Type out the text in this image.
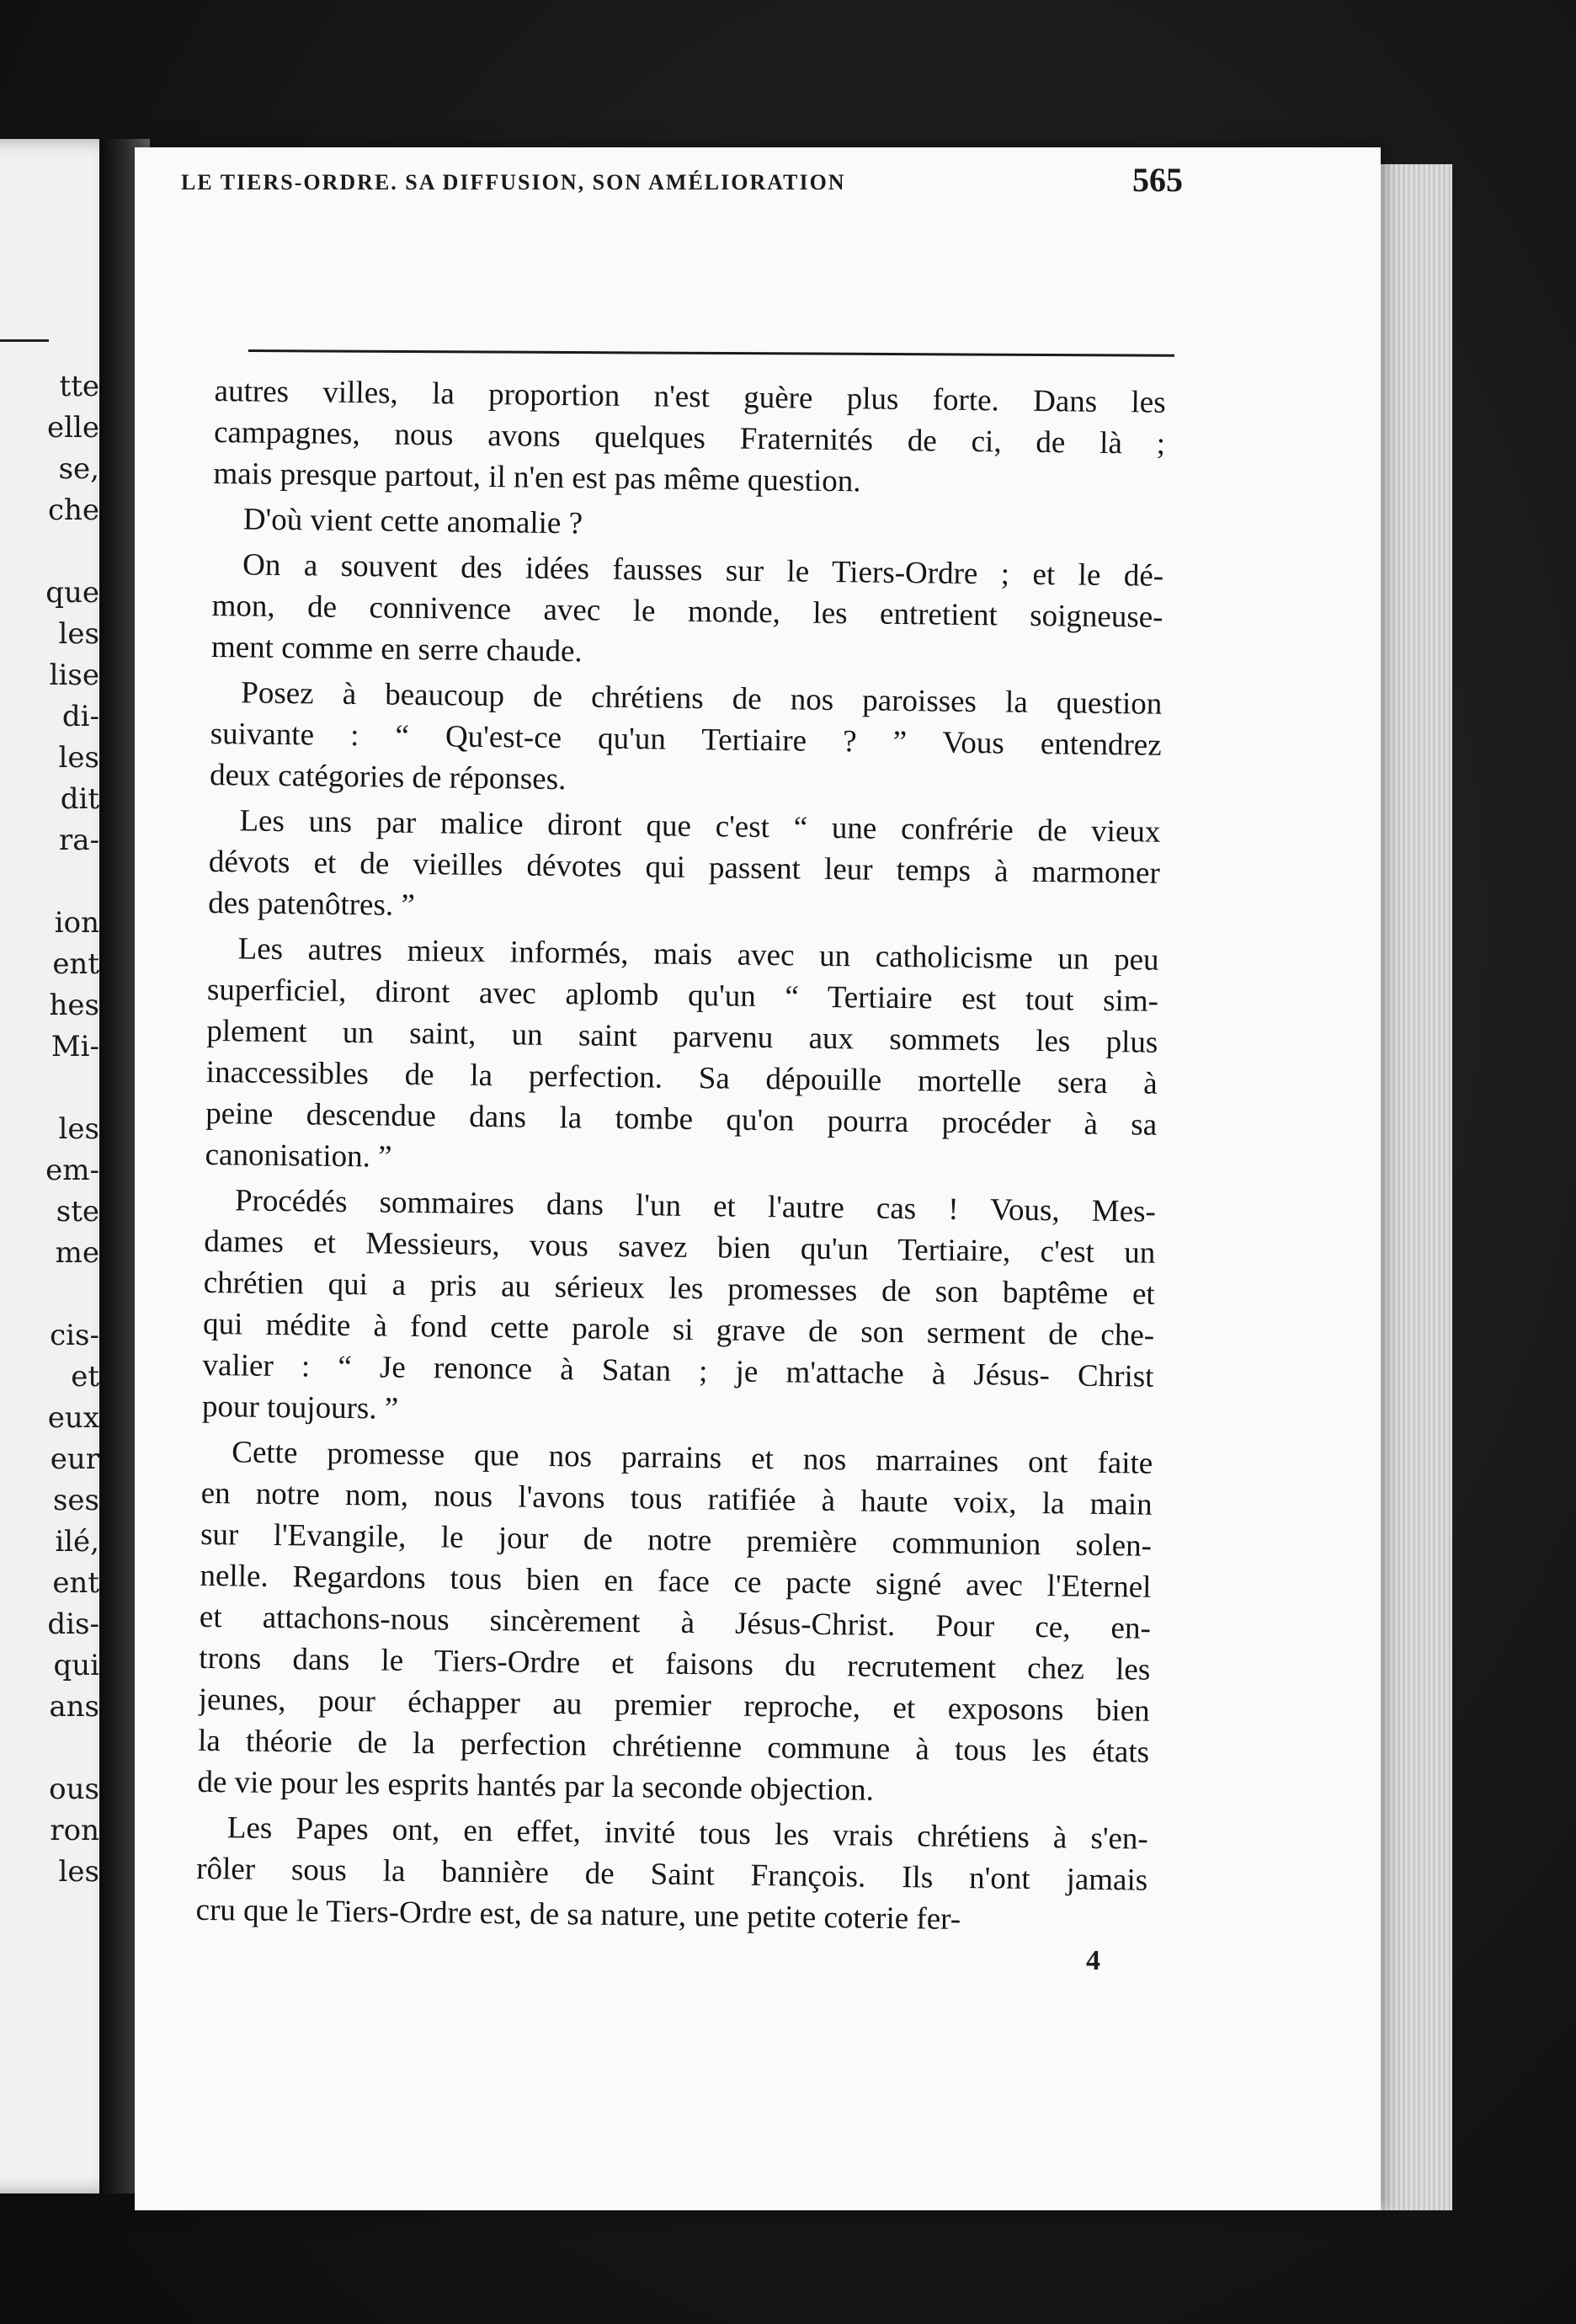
tte
elle
se,
che
que
les
lise
di-
les
dit
ra-
ion
ent
hes
Mi-
les
em-
ste
me
cis-
et
eux
eur
ses
ilé,
ent
dis-
qui
ans
ous
ron
les
LE TIERS-ORDRE. SA DIFFUSION, SON AMÉLIORATION	565
autres villes, la proportion n'est guère plus forte. Dans les
campagnes, nous avons quelques Fraternités de ci, de là ;
mais presque partout, il n'en est pas même question.
D'où vient cette anomalie ?
On a souvent des idées fausses sur le Tiers-Ordre ; et le dé-
mon, de connivence avec le monde, les entretient soigneuse-
ment comme en serre chaude.
Posez à beaucoup de chrétiens de nos paroisses la question
suivante : “ Qu'est-ce qu'un Tertiaire ? ” Vous entendrez
deux catégories de réponses.
Les uns par malice diront que c'est “ une confrérie de vieux
dévots et de vieilles dévotes qui passent leur temps à marmoner
des patenôtres. ”
Les autres mieux informés, mais avec un catholicisme un peu
superficiel, diront avec aplomb qu'un “ Tertiaire est tout sim-
plement un saint, un saint parvenu aux sommets les plus
inaccessibles de la perfection. Sa dépouille mortelle sera à
peine descendue dans la tombe qu'on pourra procéder à sa
canonisation. ”
Procédés sommaires dans l'un et l'autre cas ! Vous, Mes-
dames et Messieurs, vous savez bien qu'un Tertiaire, c'est un
chrétien qui a pris au sérieux les promesses de son baptême et
qui médite à fond cette parole si grave de son serment de che-
valier : “ Je renonce à Satan ; je m'attache à Jésus- Christ
pour toujours. ”
Cette promesse que nos parrains et nos marraines ont faite
en notre nom, nous l'avons tous ratifiée à haute voix, la main
sur l'Evangile, le jour de notre première communion solen-
nelle. Regardons tous bien en face ce pacte signé avec l'Eternel
et attachons-nous sincèrement à Jésus-Christ. Pour ce, en-
trons dans le Tiers-Ordre et faisons du recrutement chez les
jeunes, pour échapper au premier reproche, et exposons bien
la théorie de la perfection chrétienne commune à tous les états
de vie pour les esprits hantés par la seconde objection.
Les Papes ont, en effet, invité tous les vrais chrétiens à s'en-
rôler sous la bannière de Saint François. Ils n'ont jamais
cru que le Tiers-Ordre est, de sa nature, une petite coterie fer-
4
